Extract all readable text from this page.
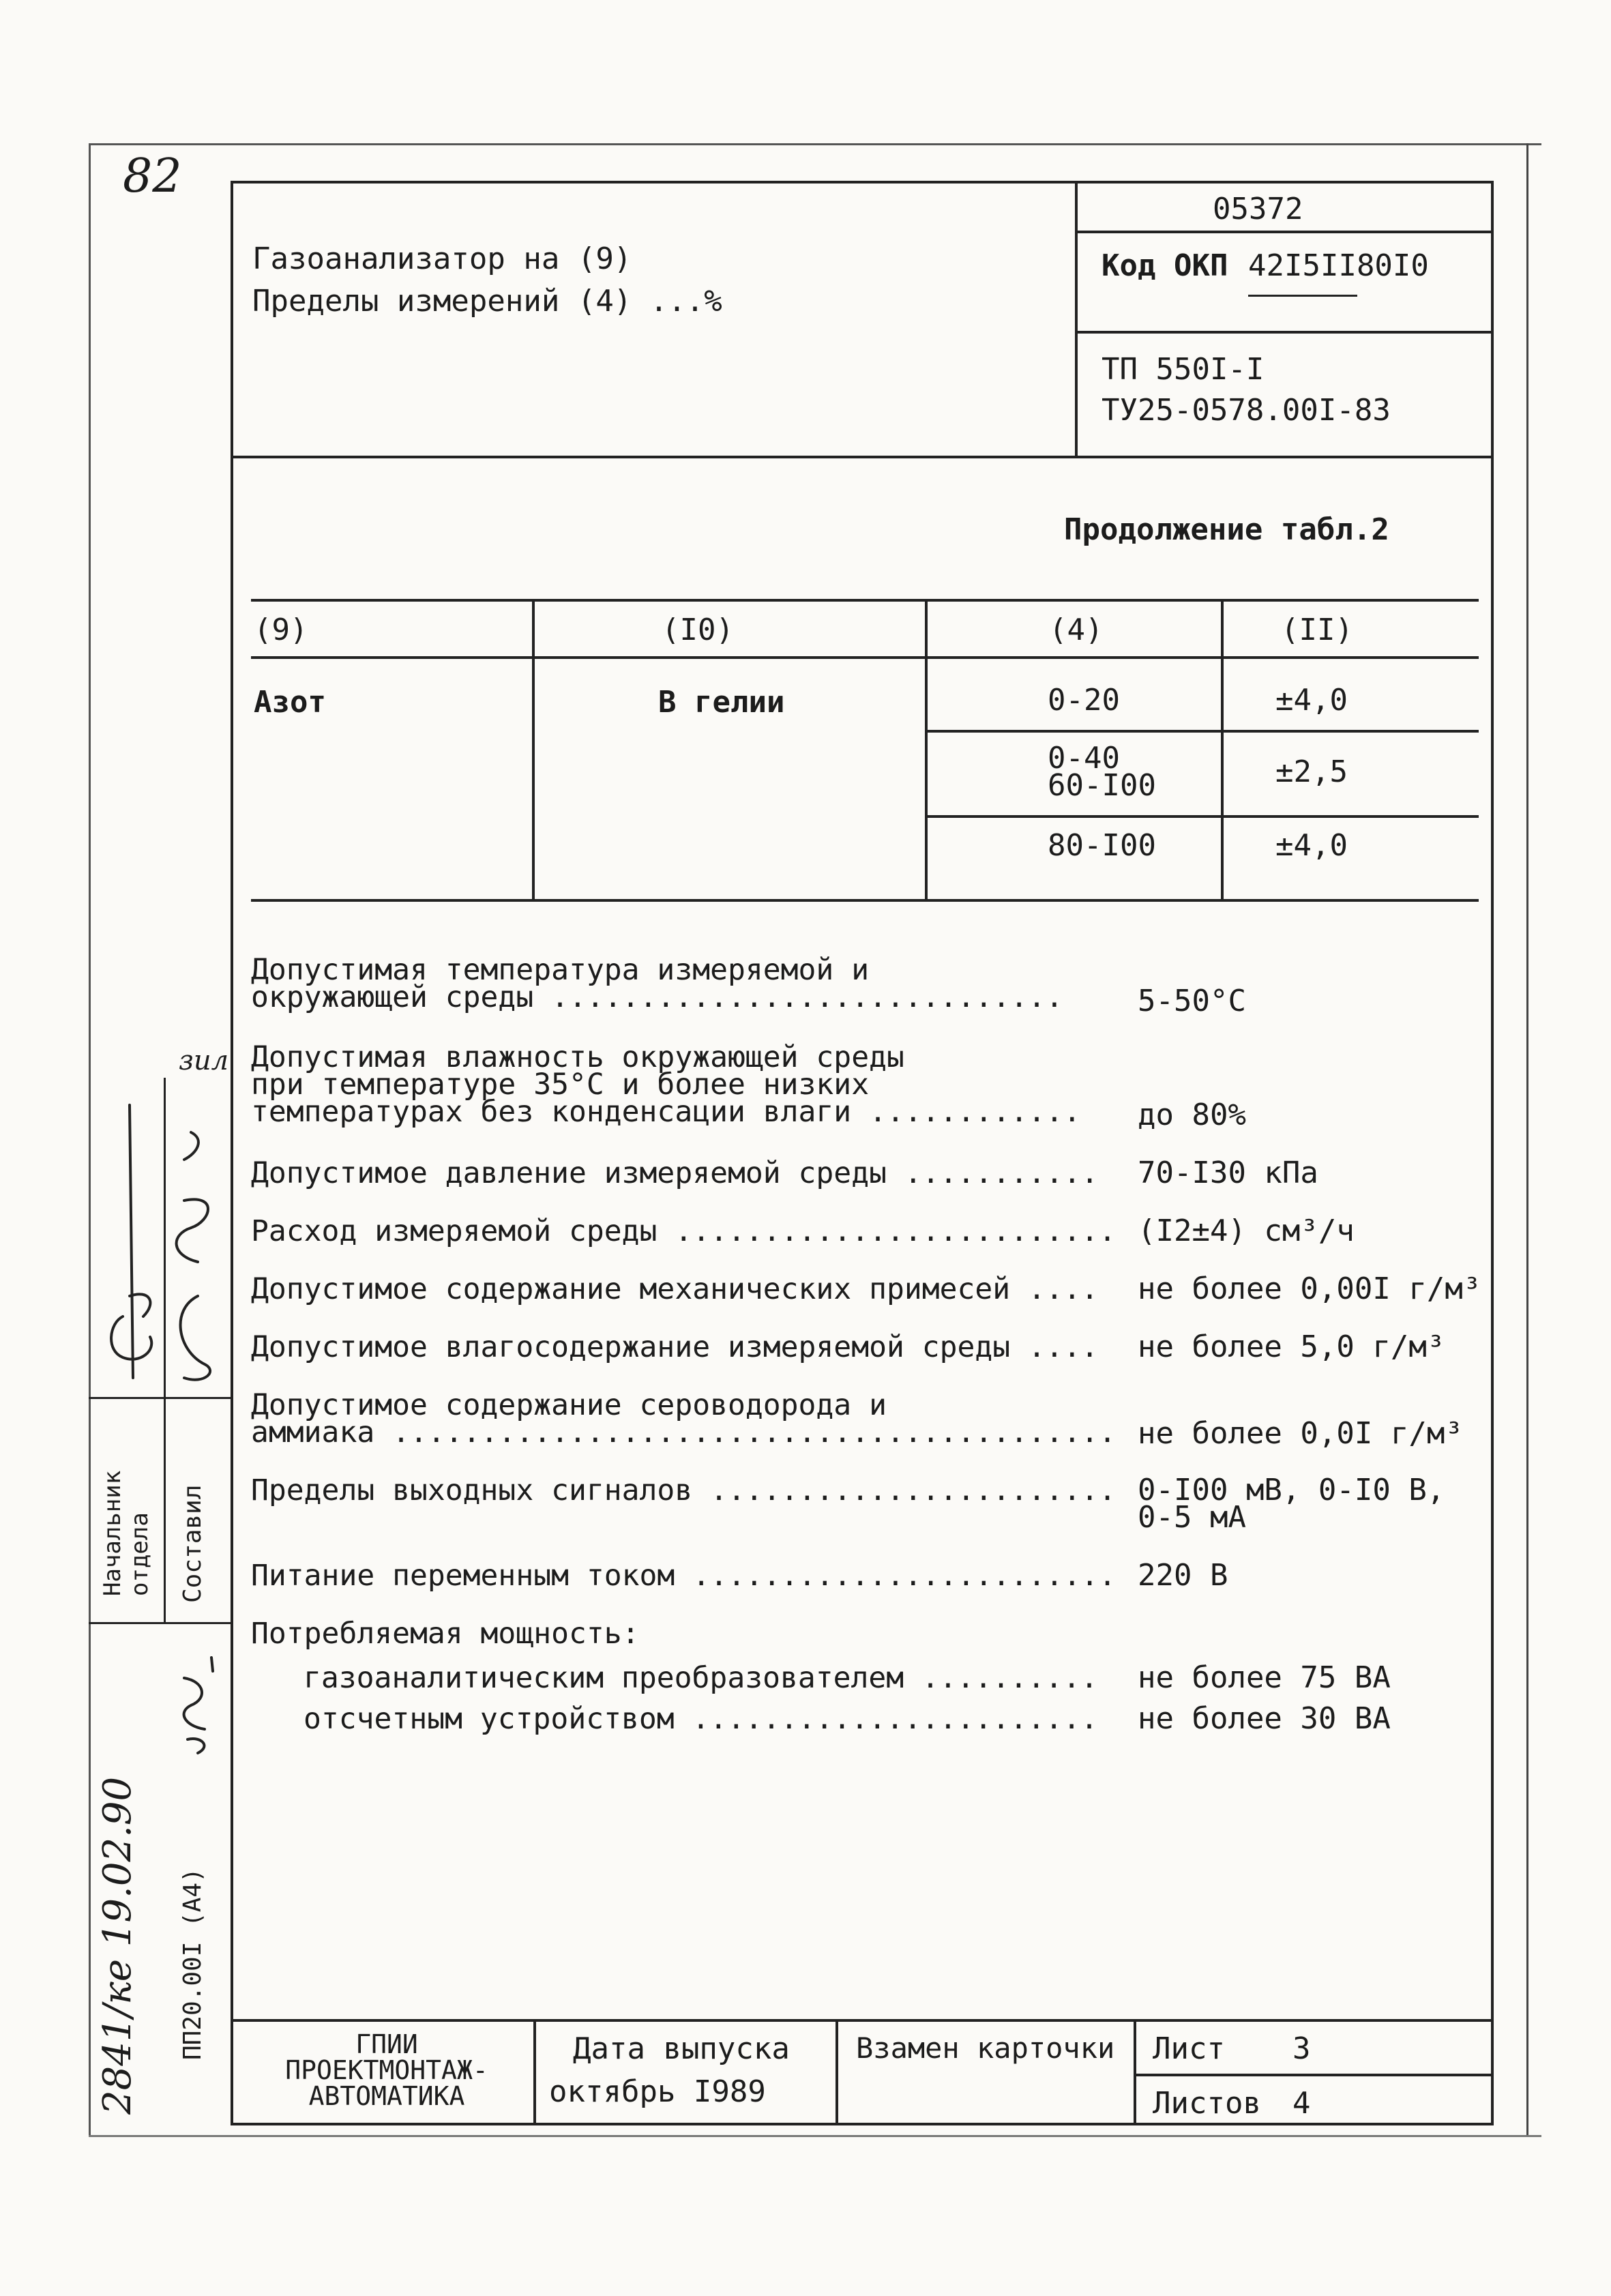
82
Газоанализатор на (9)
Пределы измерений (4) ...%
05372
Код ОКП 42I5II80I0
ТП 550I-I
ТУ25-0578.00I-83
Продолжение табл.2
(9)	(I0)	(4)	(II)
Азот	В гелии	0-20	±4,0
0-40
60-I00	±2,5
80-I00	±4,0
Допустимая температура измеряемой и
окружающей среды .............................	5-50°С
Допустимая влажность окружающей среды
при температуре 35°С и более низких
температурах без конденсации влаги ............	до 80%
Допустимое давление измеряемой среды ...........	70-I30 кПа
Расход измеряемой среды ......................... (I2±4) см³/ч
Допустимое содержание механических примесей ....	не более 0,00I г/м³
Допустимое влагосодержание измеряемой среды ....	не более 5,0 г/м³
Допустимое содержание сероводорода и
аммиака ......................................... не более 0,0I г/м³
Пределы выходных сигналов ....................... 0-I00 мВ, 0-I0 В,
0-5 мА
Питание переменным током ........................ 220 В
Потребляемая мощность:
газоаналитическим преобразователем ..........	не более 75 ВА
отсчетным устройством .......................	не более 30 ВА
ГПИИ
ПРОЕКТМОНТАЖ-
АВТОМАТИКА
Дата выпуска
октябрь I989
Взамен карточки Лист 3
Листов 4
Начальник
отдела Составил
ПП20.00I (А4)
2841/ке 19.02.90
зил
